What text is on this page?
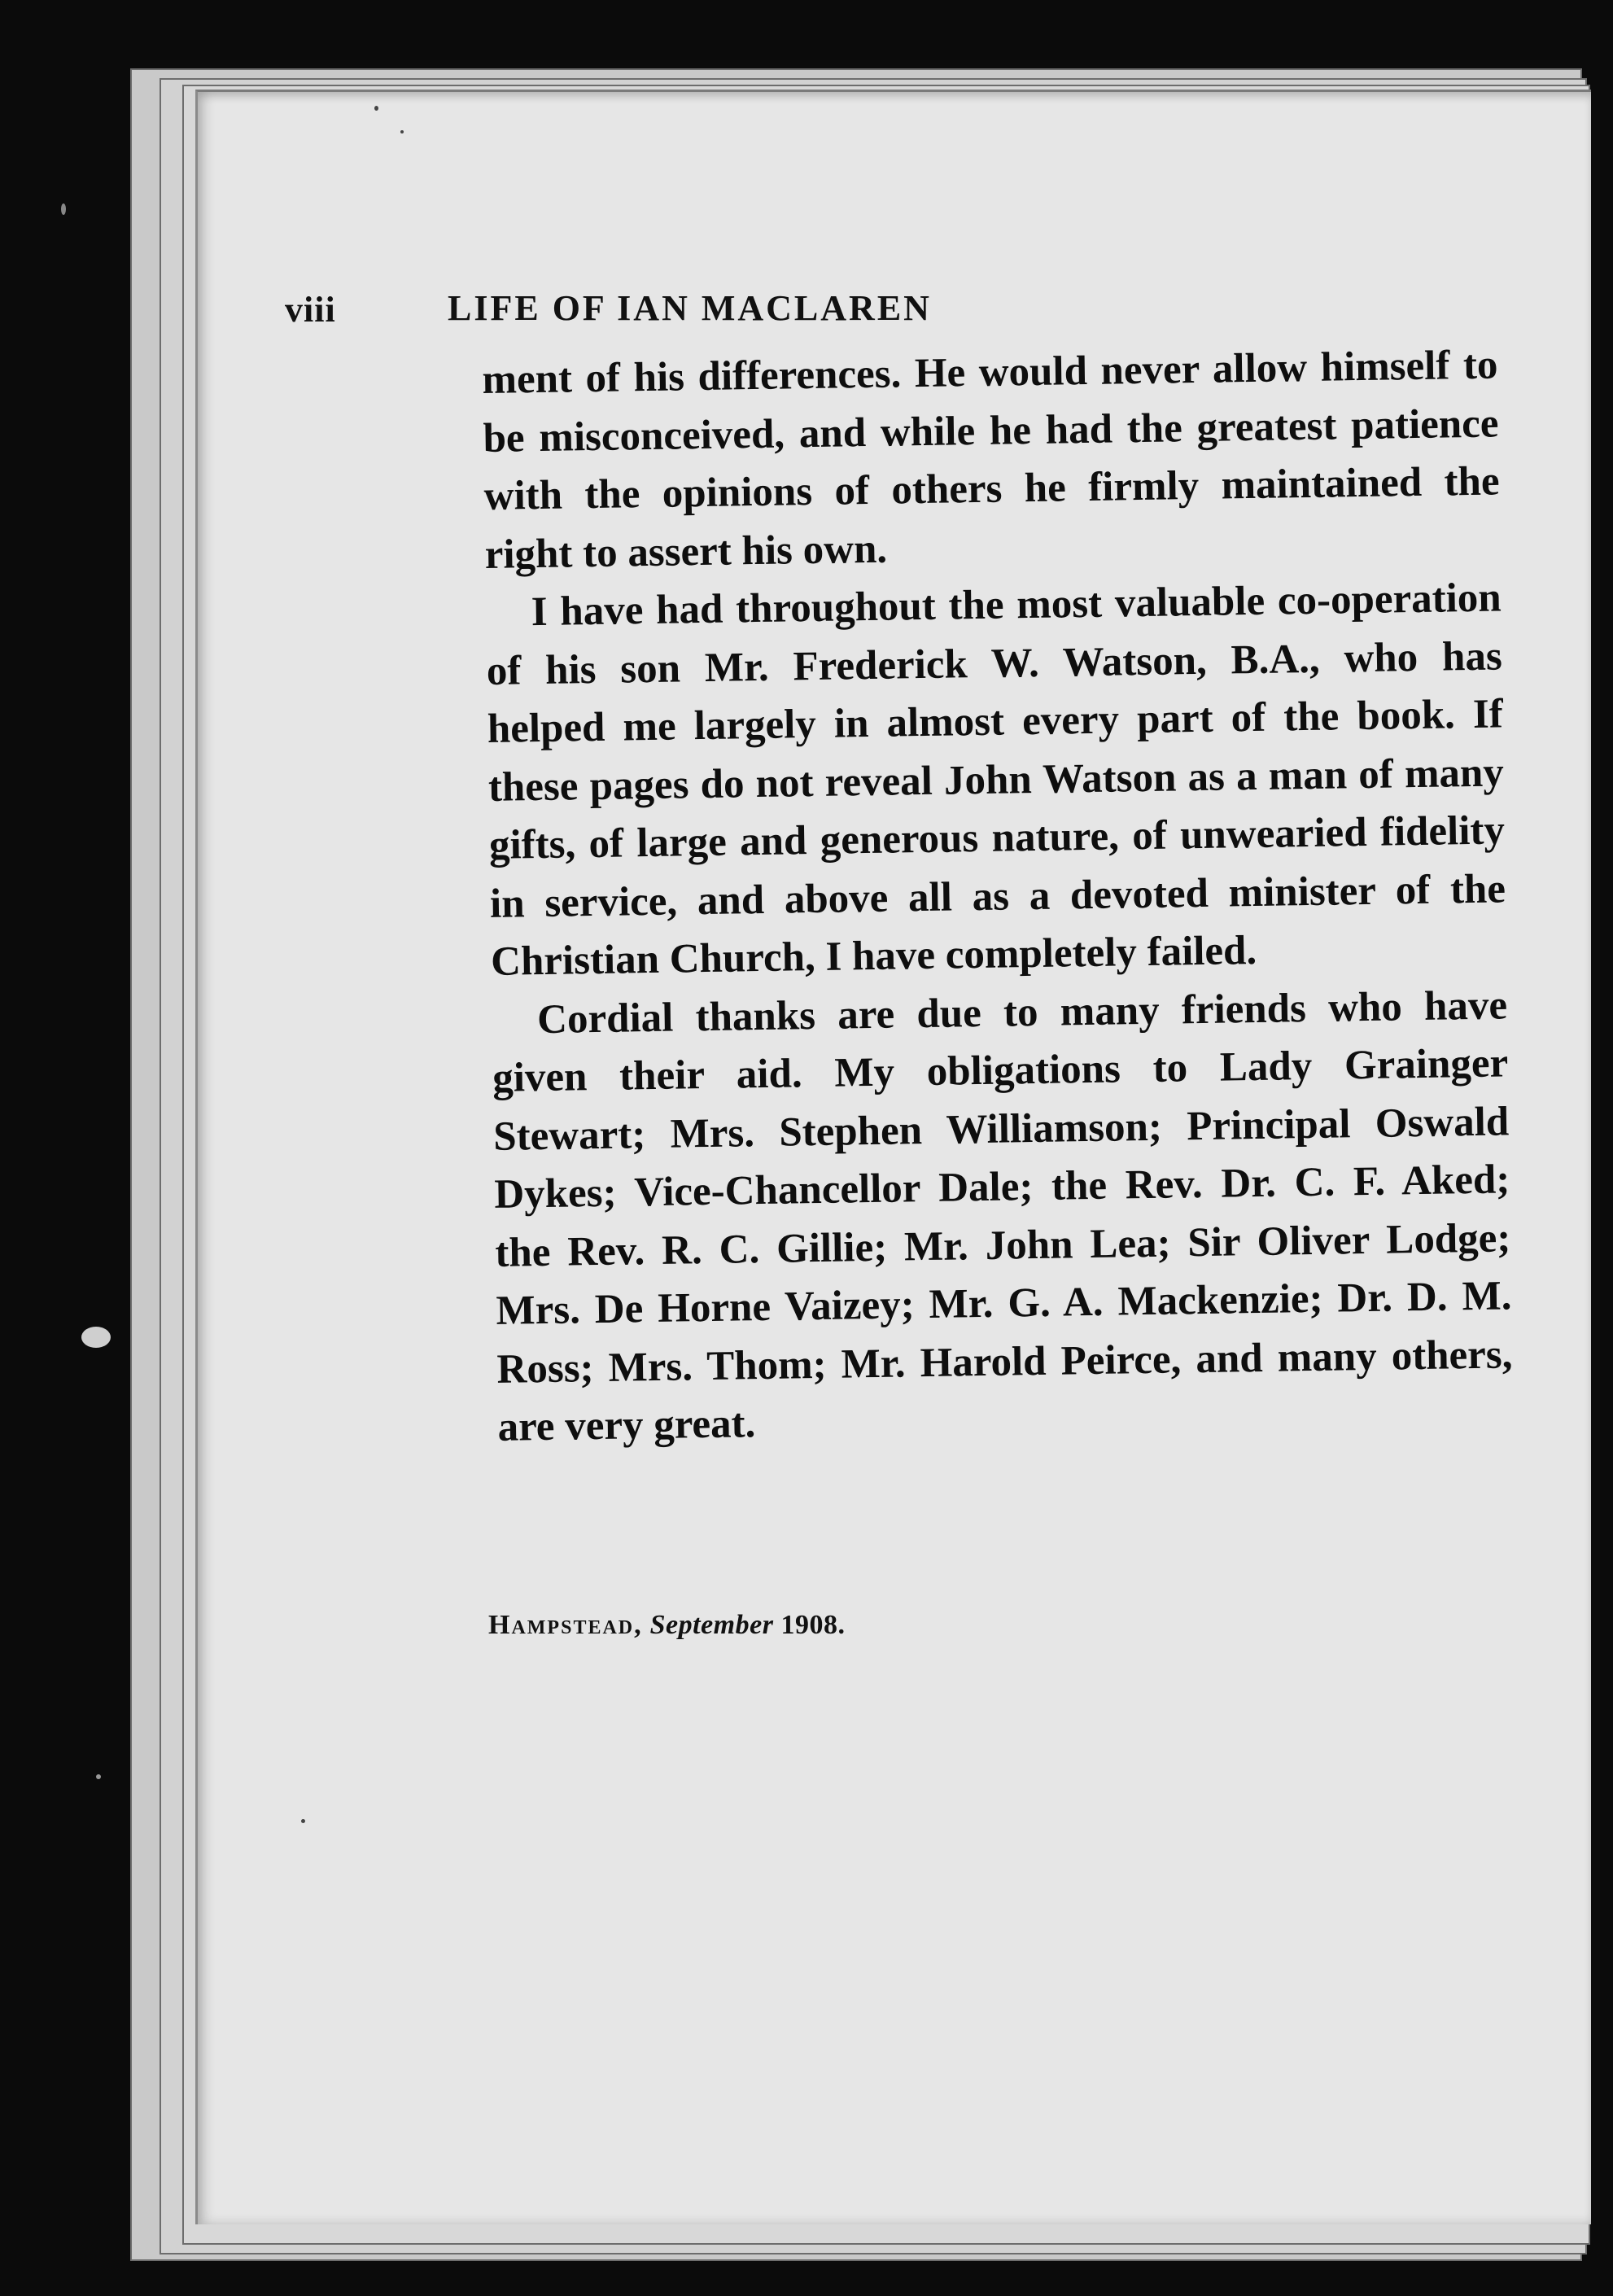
viii	LIFE OF IAN MACLAREN

ment of his differences. He would never allow himself to be misconceived, and while he had the greatest patience with the opinions of others he firmly maintained the right to assert his own.

I have had throughout the most valuable co-operation of his son Mr. Frederick W. Watson, B.A., who has helped me largely in almost every part of the book. If these pages do not reveal John Watson as a man of many gifts, of large and generous nature, of unwearied fidelity in service, and above all as a devoted minister of the Christian Church, I have completely failed.

Cordial thanks are due to many friends who have given their aid. My obligations to Lady Grainger Stewart; Mrs. Stephen Williamson; Principal Oswald Dykes; Vice-Chancellor Dale; the Rev. Dr. C. F. Aked; the Rev. R. C. Gillie; Mr. John Lea; Sir Oliver Lodge; Mrs. De Horne Vaizey; Mr. G. A. Mackenzie; Dr. D. M. Ross; Mrs. Thom; Mr. Harold Peirce, and many others, are very great.

Hampstead, September 1908.
